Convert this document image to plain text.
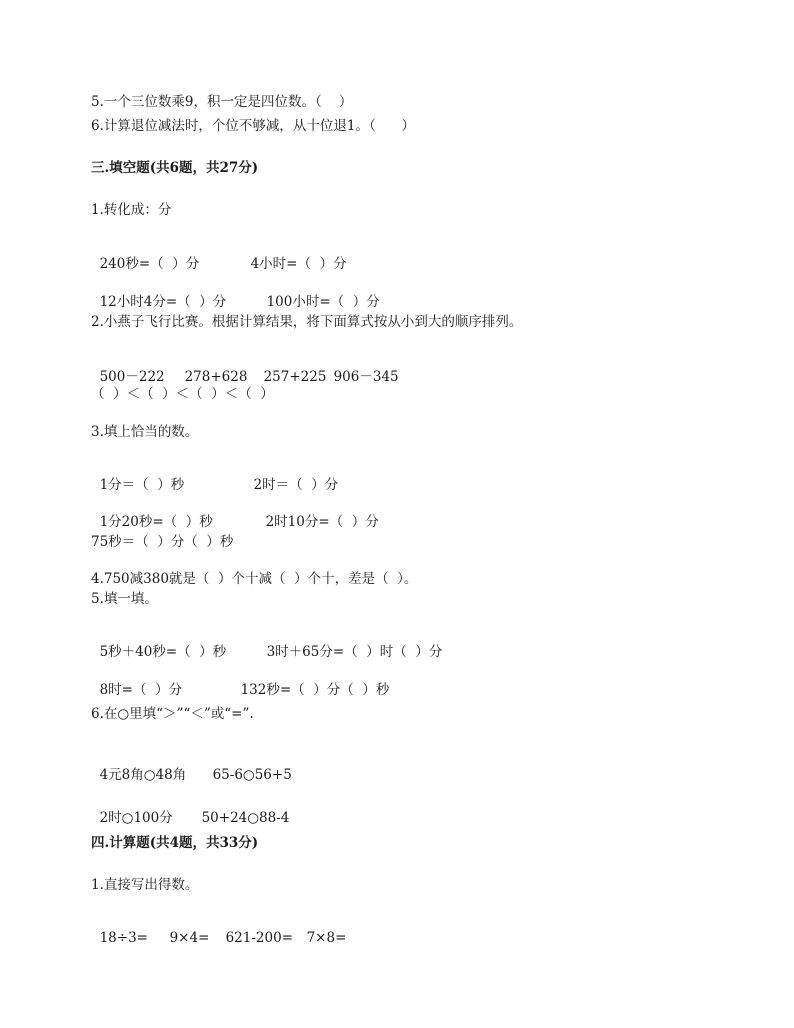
5.一个三位数乘9，积一定是四位数。（    ）
6.计算退位减法时，个位不够减，从十位退1。（      ）
三.填空题(共6题，共27分)
1.转化成：分

240秒=（  ）分	4小时=（  ）分

12小时4分=（  ）分	100小时=（  ）分

2.小燕子飞行比赛。根据计算结果，将下面算式按从小到大的顺序排列。

500－222 278+628 257+225 906－345

（  ）＜（  ）＜（  ）＜（  ）
3.填上恰当的数。

1分＝（  ）秒	2时＝（  ）分

1分20秒=（  ）秒	2时10分=（  ）分

75秒＝（  ）分（  ）秒
4.750减380就是（  ）个十减（  ）个十，差是（  ）。
5.填一填。

5秒＋40秒=（  ）秒	3时＋65分=（  ）时（  ）分

8时=（  ）分	132秒=（  ）分（  ）秒

6.在○里填“＞”“＜”或“=”.

4元8角○48角 65-6○56+5

2时○100分 50+24○88-4

四.计算题(共4题，共33分)
1.直接写出得数。

18÷3= 9×4= 621-200= 7×8=
